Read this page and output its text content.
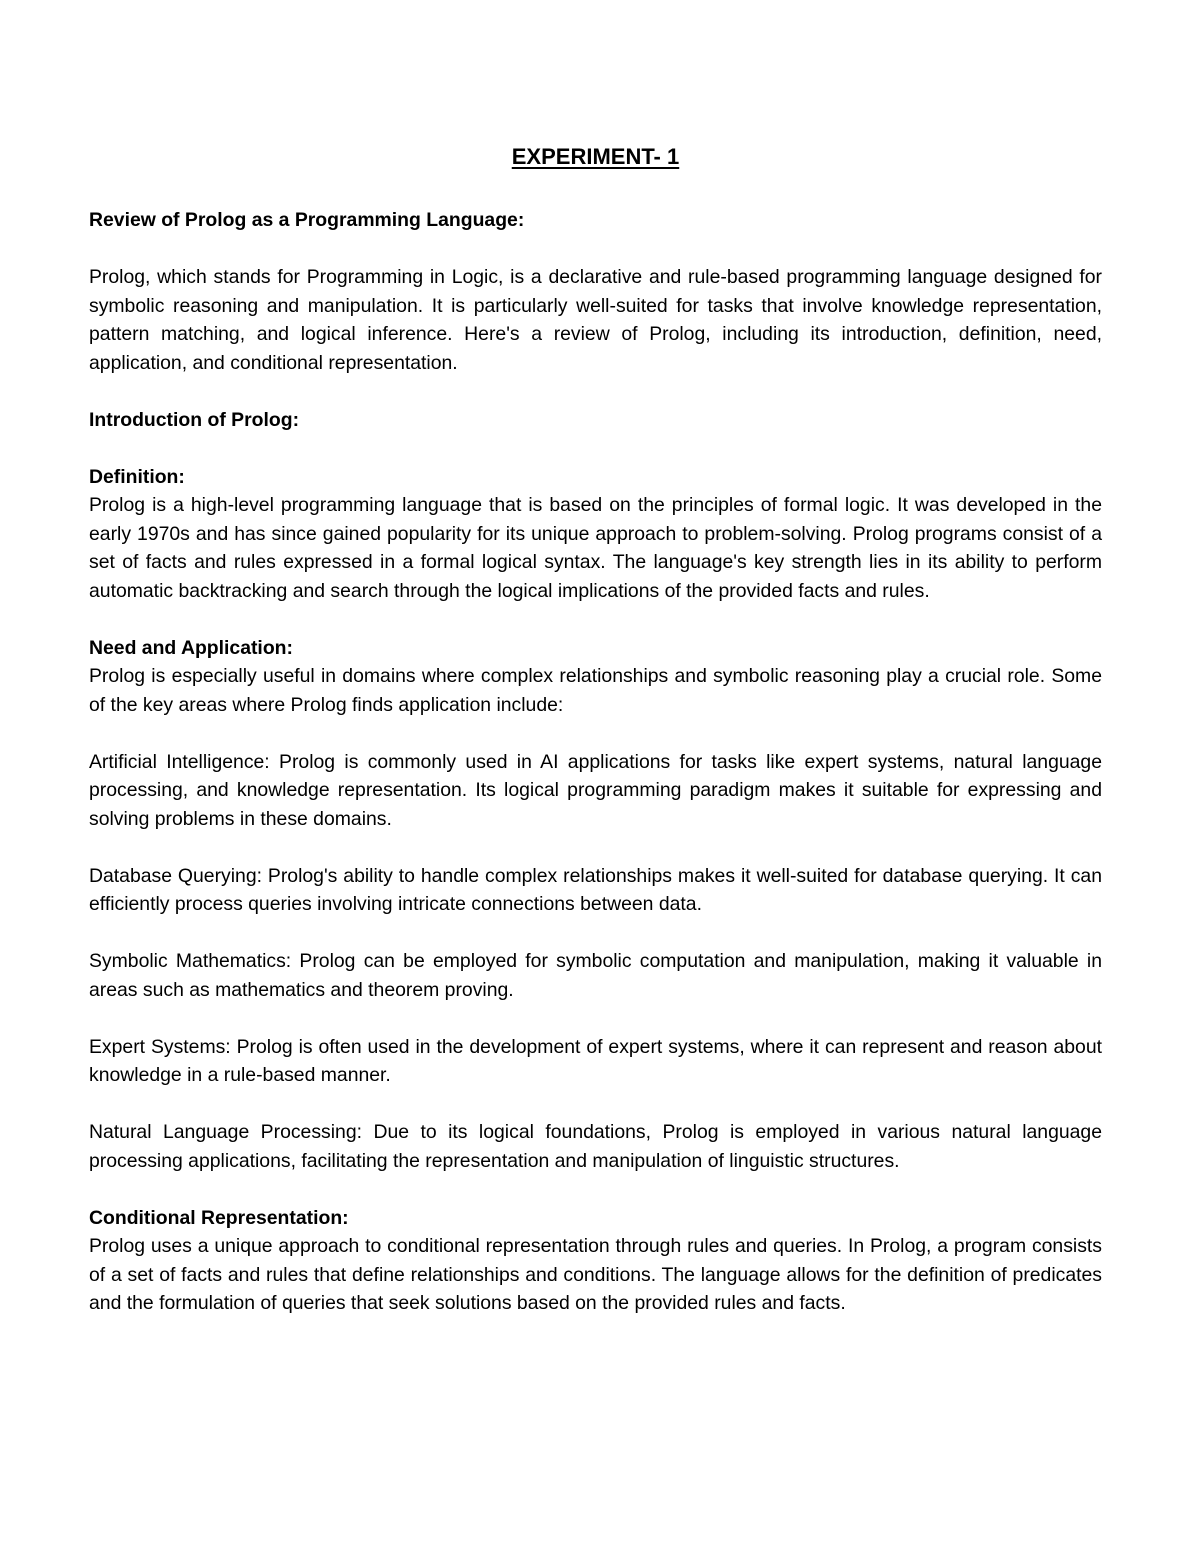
EXPERIMENT- 1
Review of Prolog as a Programming Language:

Prolog, which stands for Programming in Logic, is a declarative and rule-based programming language designed for symbolic reasoning and manipulation. It is particularly well-suited for tasks that involve knowledge representation, pattern matching, and logical inference. Here's a review of Prolog, including its introduction, definition, need, application, and conditional representation.

Introduction of Prolog:
Definition:

Prolog is a high-level programming language that is based on the principles of formal logic. It was developed in the early 1970s and has since gained popularity for its unique approach to problem-solving. Prolog programs consist of a set of facts and rules expressed in a formal logical syntax. The language's key strength lies in its ability to perform automatic backtracking and search through the logical implications of the provided facts and rules.

Need and Application:

Prolog is especially useful in domains where complex relationships and symbolic reasoning play a crucial role. Some of the key areas where Prolog finds application include:

Artificial Intelligence: Prolog is commonly used in AI applications for tasks like expert systems, natural language processing, and knowledge representation. Its logical programming paradigm makes it suitable for expressing and solving problems in these domains.

Database Querying: Prolog's ability to handle complex relationships makes it well-suited for database querying. It can efficiently process queries involving intricate connections between data.

Symbolic Mathematics: Prolog can be employed for symbolic computation and manipulation, making it valuable in areas such as mathematics and theorem proving.

Expert Systems: Prolog is often used in the development of expert systems, where it can represent and reason about knowledge in a rule-based manner.

Natural Language Processing: Due to its logical foundations, Prolog is employed in various natural language processing applications, facilitating the representation and manipulation of linguistic structures.

Conditional Representation:

Prolog uses a unique approach to conditional representation through rules and queries. In Prolog, a program consists of a set of facts and rules that define relationships and conditions. The language allows for the definition of predicates and the formulation of queries that seek solutions based on the provided rules and facts.
